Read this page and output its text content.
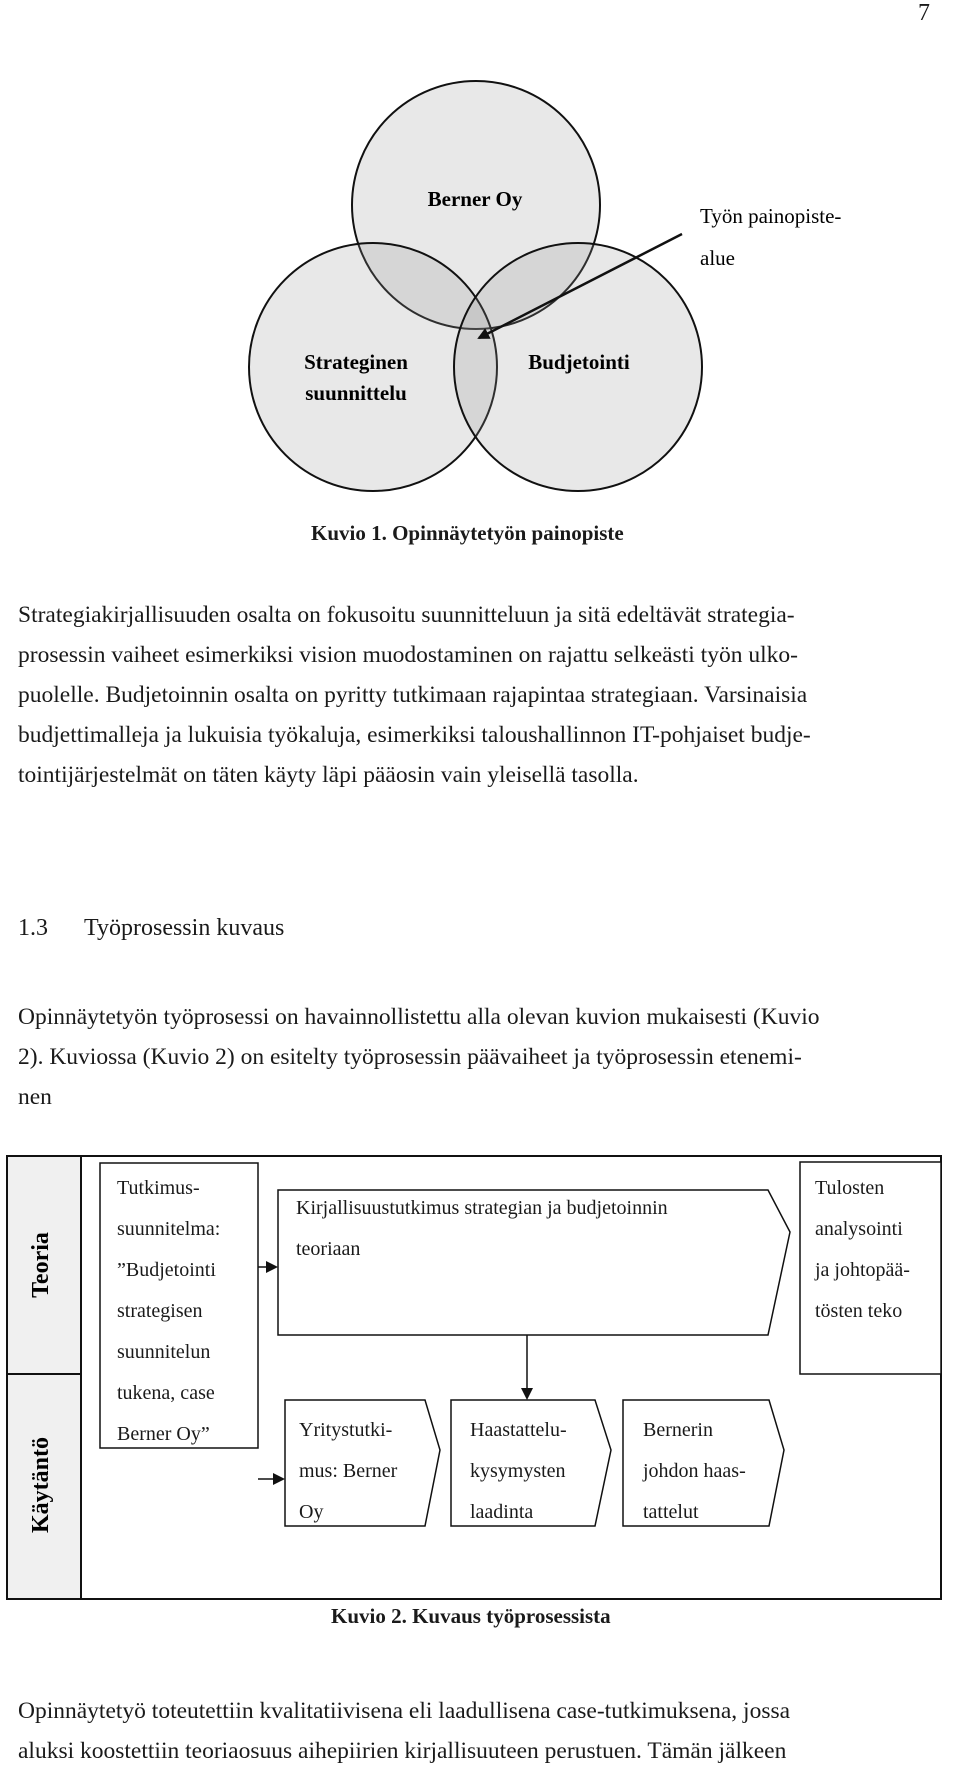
7
Berner Oy
Strateginen
suunnittelu
Budjetointi
Työn painopiste-
alue
Kuvio 1. Opinnäytetyön painopiste
Strategiakirjallisuuden osalta on fokusoitu suunnitteluun ja sitä edeltävät strategia-
prosessin vaiheet esimerkiksi vision muodostaminen on rajattu selkeästi työn ulko-
puolelle. Budjetoinnin osalta on pyritty tutkimaan rajapintaa strategiaan. Varsinaisia
budjettimalleja ja lukuisia työkaluja, esimerkiksi taloushallinnon IT-pohjaiset budje-
tointijärjestelmät on täten käyty läpi pääosin vain yleisellä tasolla.
1.3 Työprosessin kuvaus
Opinnäytetyön työprosessi on havainnollistettu alla olevan kuvion mukaisesti (Kuvio
2). Kuviossa (Kuvio 2) on esitelty työprosessin päävaiheet ja työprosessin etenemi-
nen
Teoria
Käytäntö
Tutkimus-
suunnitelma:
”Budjetointi
strategisen
suunnitelun
tukena, case
Berner Oy”
Kirjallisuustutkimus strategian ja budjetoinnin
teoriaan
Tulosten
analysointi
ja johtopää-
tösten teko
Yritystutki-
mus: Berner
Oy
Haastattelu-
kysymysten
laadinta
Bernerin
johdon haas-
tattelut
Kuvio 2. Kuvaus työprosessista
Opinnäytetyö toteutettiin kvalitatiivisena eli laadullisena case-tutkimuksena, jossa
aluksi koostettiin teoriaosuus aihepiirien kirjallisuuteen perustuen. Tämän jälkeen
